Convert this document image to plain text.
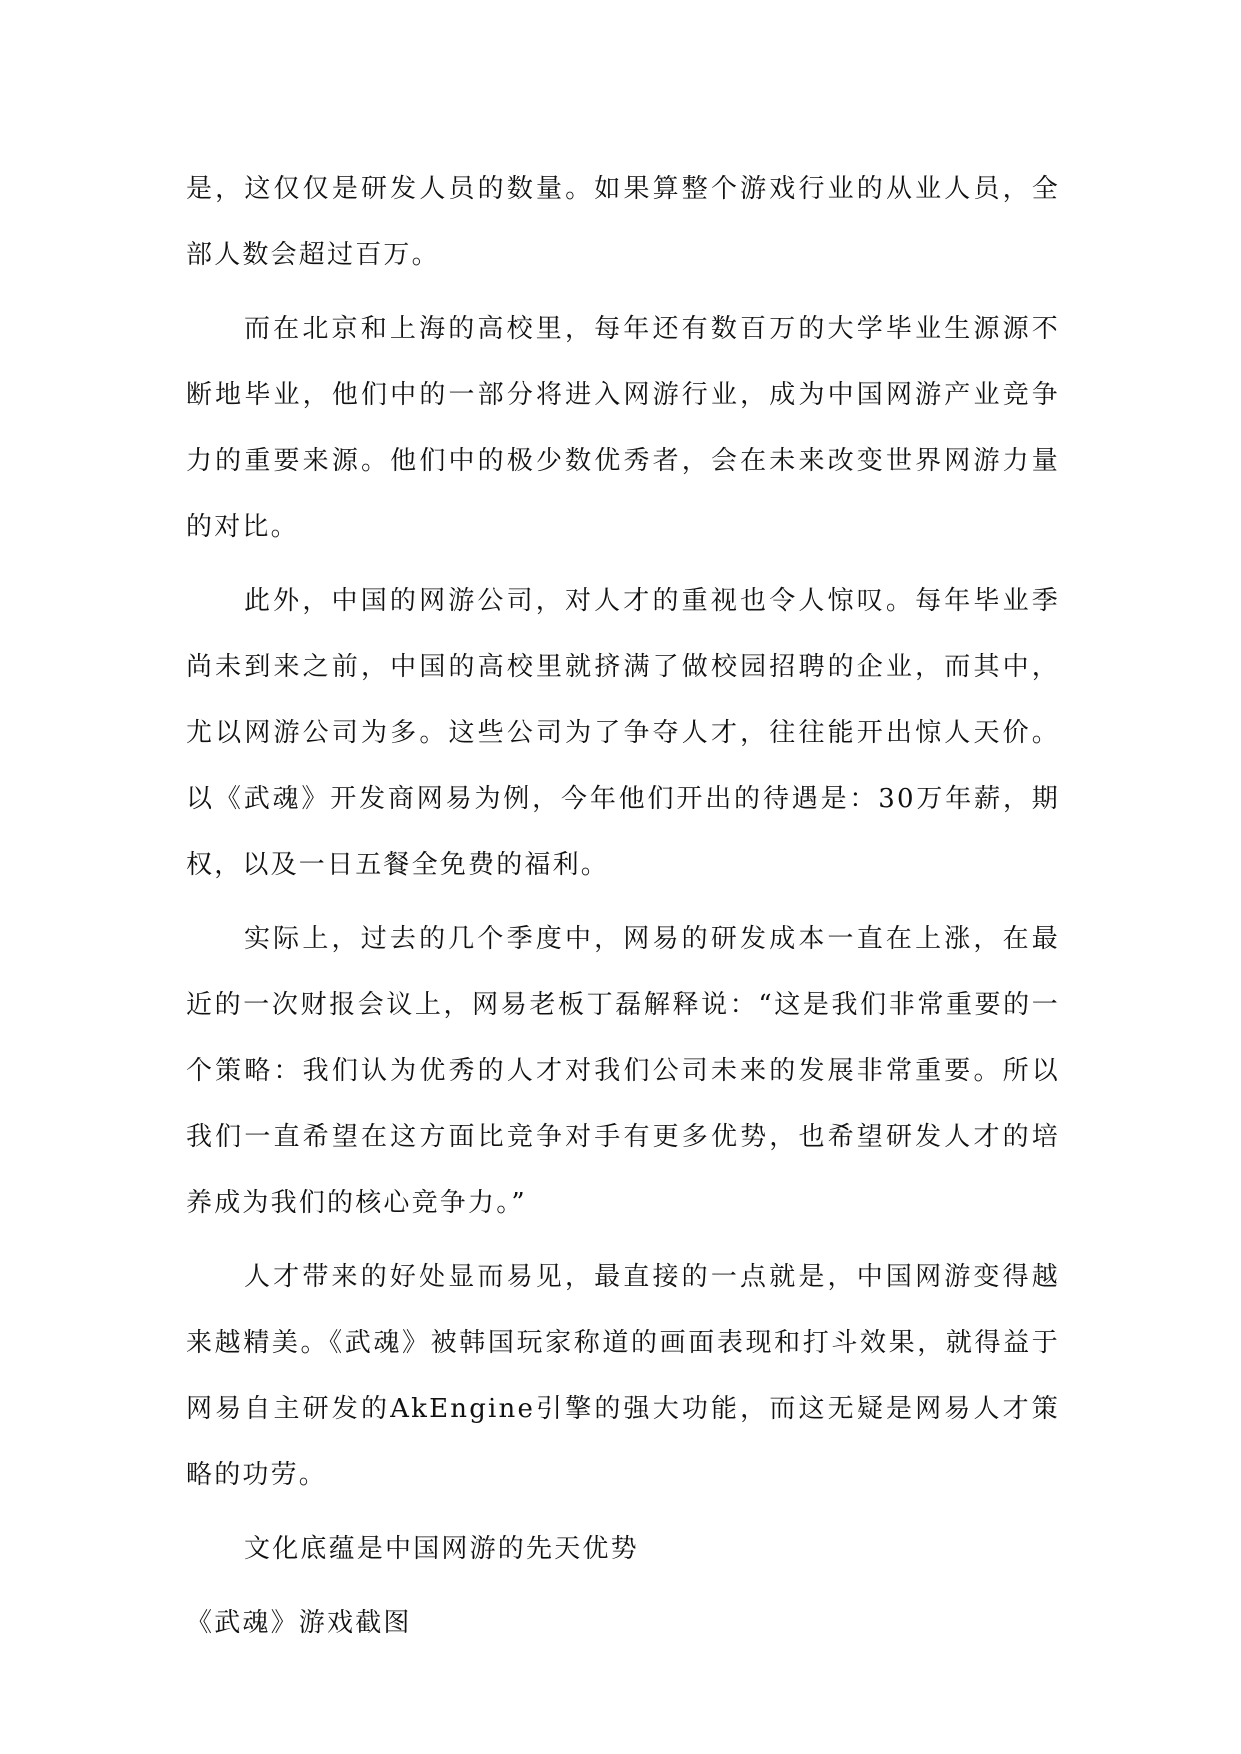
是，这仅仅是研发人员的数量。如果算整个游戏行业的从业人员，全部人数会超过百万。

而在北京和上海的高校里，每年还有数百万的大学毕业生源源不断地毕业，他们中的一部分将进入网游行业，成为中国网游产业竞争力的重要来源。他们中的极少数优秀者，会在未来改变世界网游力量的对比。

此外，中国的网游公司，对人才的重视也令人惊叹。每年毕业季尚未到来之前，中国的高校里就挤满了做校园招聘的企业，而其中，尤以网游公司为多。这些公司为了争夺人才，往往能开出惊人天价。以《武魂》开发商网易为例，今年他们开出的待遇是：30万年薪，期权，以及一日五餐全免费的福利。

实际上，过去的几个季度中，网易的研发成本一直在上涨，在最近的一次财报会议上，网易老板丁磊解释说：“这是我们非常重要的一个策略：我们认为优秀的人才对我们公司未来的发展非常重要。所以我们一直希望在这方面比竞争对手有更多优势，也希望研发人才的培养成为我们的核心竞争力。”

人才带来的好处显而易见，最直接的一点就是，中国网游变得越来越精美。《武魂》被韩国玩家称道的画面表现和打斗效果，就得益于网易自主研发的AkEngine引擎的强大功能，而这无疑是网易人才策略的功劳。

文化底蕴是中国网游的先天优势

《武魂》游戏截图
